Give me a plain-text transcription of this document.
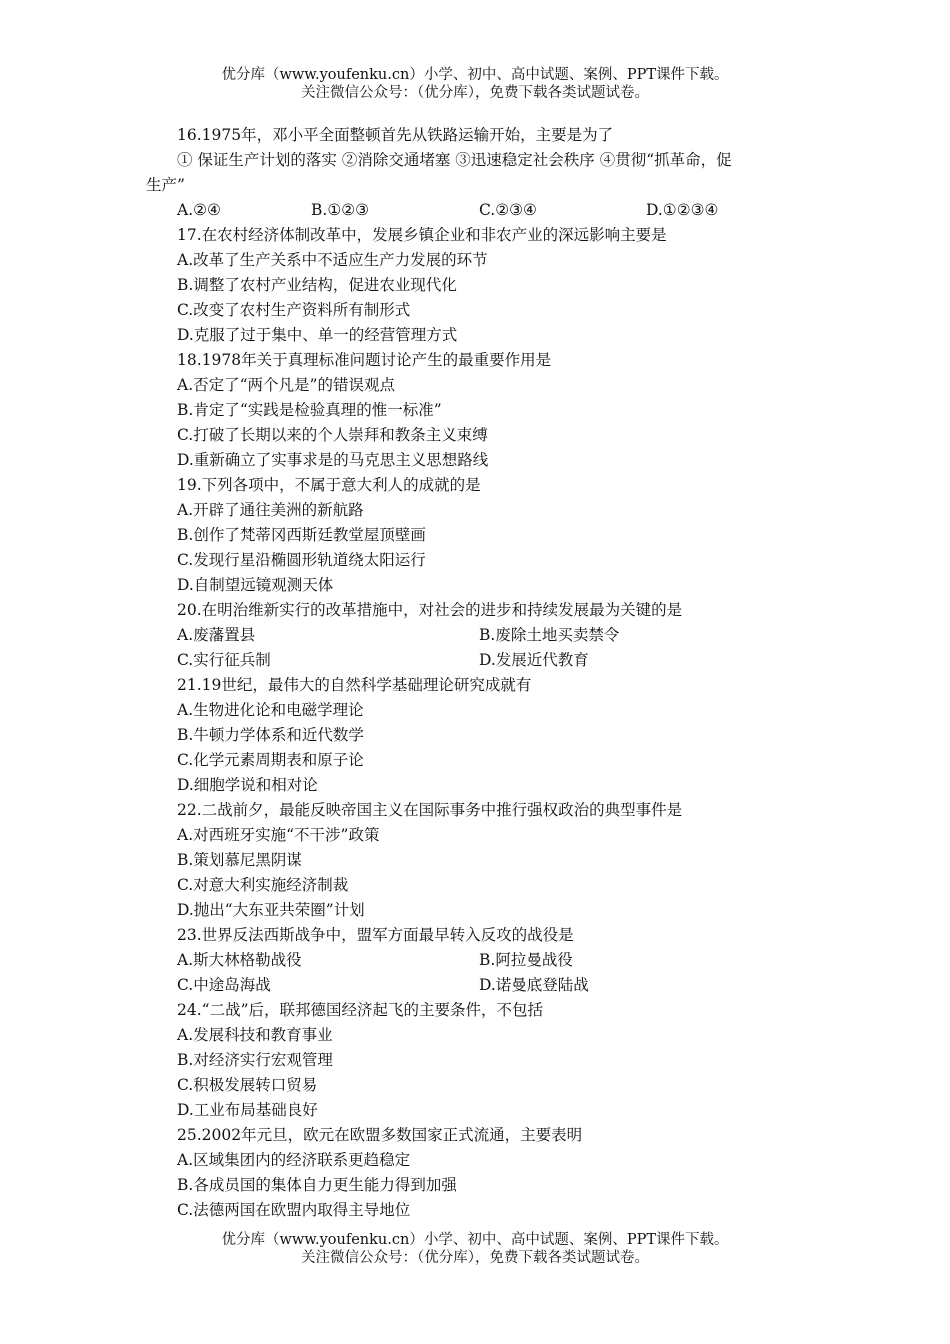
优分库（www.youfenku.cn）小学、初中、高中试题、案例、PPT课件下载。
关注微信公众号：（优分库），免费下载各类试题试卷。
16.1975年，邓小平全面整顿首先从铁路运输开始，主要是为了
① 保证生产计划的落实 ②消除交通堵塞 ③迅速稳定社会秩序 ④贯彻“抓革命，促
生产”
A.②④	B.①②③	C.②③④	D.①②③④
17.在农村经济体制改革中，发展乡镇企业和非农产业的深远影响主要是
A.改革了生产关系中不适应生产力发展的环节
B.调整了农村产业结构，促进农业现代化
C.改变了农村生产资料所有制形式
D.克服了过于集中、单一的经营管理方式
18.1978年关于真理标准问题讨论产生的最重要作用是
A.否定了“两个凡是”的错误观点
B.肯定了“实践是检验真理的惟一标准”
C.打破了长期以来的个人崇拜和教条主义束缚
D.重新确立了实事求是的马克思主义思想路线
19.下列各项中，不属于意大利人的成就的是
A.开辟了通往美洲的新航路
B.创作了梵蒂冈西斯廷教堂屋顶壁画
C.发现行星沿椭圆形轨道绕太阳运行
D.自制望远镜观测天体
20.在明治维新实行的改革措施中，对社会的进步和持续发展最为关键的是
A.废藩置县	B.废除土地买卖禁令
C.实行征兵制	D.发展近代教育
21.19世纪，最伟大的自然科学基础理论研究成就有
A.生物进化论和电磁学理论
B.牛顿力学体系和近代数学
C.化学元素周期表和原子论
D.细胞学说和相对论
22.二战前夕，最能反映帝国主义在国际事务中推行强权政治的典型事件是
A.对西班牙实施“不干涉”政策
B.策划慕尼黑阴谋
C.对意大利实施经济制裁
D.抛出“大东亚共荣圈”计划
23.世界反法西斯战争中，盟军方面最早转入反攻的战役是
A.斯大林格勒战役	B.阿拉曼战役
C.中途岛海战	D.诺曼底登陆战
24.“二战”后，联邦德国经济起飞的主要条件，不包括
A.发展科技和教育事业
B.对经济实行宏观管理
C.积极发展转口贸易
D.工业布局基础良好
25.2002年元旦，欧元在欧盟多数国家正式流通，主要表明
A.区域集团内的经济联系更趋稳定
B.各成员国的集体自力更生能力得到加强
C.法德两国在欧盟内取得主导地位
优分库（www.youfenku.cn）小学、初中、高中试题、案例、PPT课件下载。
关注微信公众号：（优分库），免费下载各类试题试卷。
